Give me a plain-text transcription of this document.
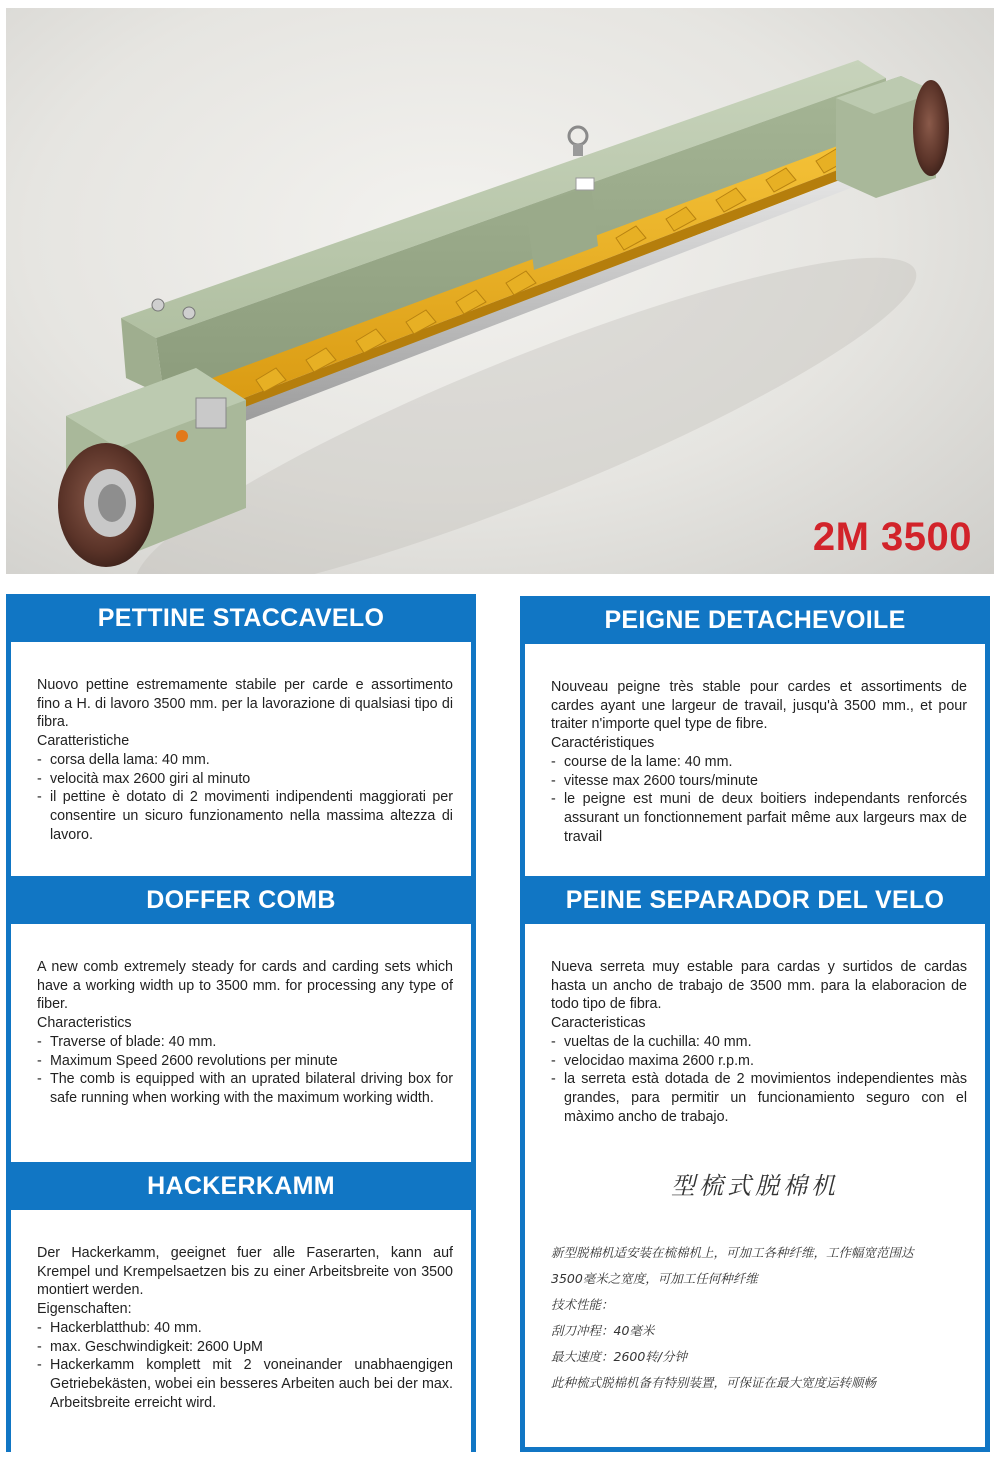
2M 3500
PETTINE STACCAVELO

Nuovo pettine estremamente stabile per carde e assortimento fino a H. di lavoro 3500 mm. per la lavorazione di qualsiasi tipo di fibra.

Caratteristiche
- corsa della lama: 40 mm.
- velocità max 2600 giri al minuto
- il pettine è dotato di 2 movimenti indipendenti maggiorati per consentire un sicuro funzionamento nella massima altezza di lavoro.
PEIGNE DETACHEVOILE

Nouveau peigne très stable pour cardes et assortiments de cardes ayant une largeur de travail, jusqu'à 3500 mm., et pour traiter n'importe quel type de fibre.

Caractéristiques
- course de la lame: 40 mm.
- vitesse max 2600 tours/minute
- le peigne est muni de deux boitiers independants renforcés assurant un fonctionnement parfait même aux largeurs max de travail
DOFFER COMB

A new comb extremely steady for cards and carding sets which have a working width up to 3500 mm. for processing any type of fiber.

Characteristics
- Traverse of blade: 40 mm.
- Maximum Speed 2600 revolutions per minute
- The comb is equipped with an uprated bilateral driving box for safe running when working with the maximum working width.
PEINE SEPARADOR DEL VELO

Nueva serreta muy estable para cardas y surtidos de cardas hasta un ancho de trabajo de 3500 mm. para la elaboracion de todo tipo de fibra.

Caracteristicas
- vueltas de la cuchilla: 40 mm.
- velocidao maxima 2600 r.p.m.
- la serreta està dotada de 2 movimientos independientes màs grandes, para permitir un funcionamiento seguro con el màximo ancho de trabajo.
HACKERKAMM

Der Hackerkamm, geeignet fuer alle Faserarten, kann auf Krempel und Krempelsaetzen bis zu einer Arbeitsbreite von 3500 montiert werden.

Eigenschaften:
- Hackerblatthub: 40 mm.
- max. Geschwindigkeit: 2600 UpM
- Hackerkamm komplett mit 2 voneinander unabhaengigen Getriebekästen, wobei ein besseres Arbeiten auch bei der max. Arbeitsbreite erreicht wird.
型梳式脱棉机
新型脱棉机适安装在梳棉机上，可加工各种纤维，工作幅宽范围达
3500毫米之宽度，可加工任何种纤维
技术性能：
刮刀冲程：40毫米
最大速度：2600转/分钟
此种梳式脱棉机备有特别装置，可保证在最大宽度运转顺畅
